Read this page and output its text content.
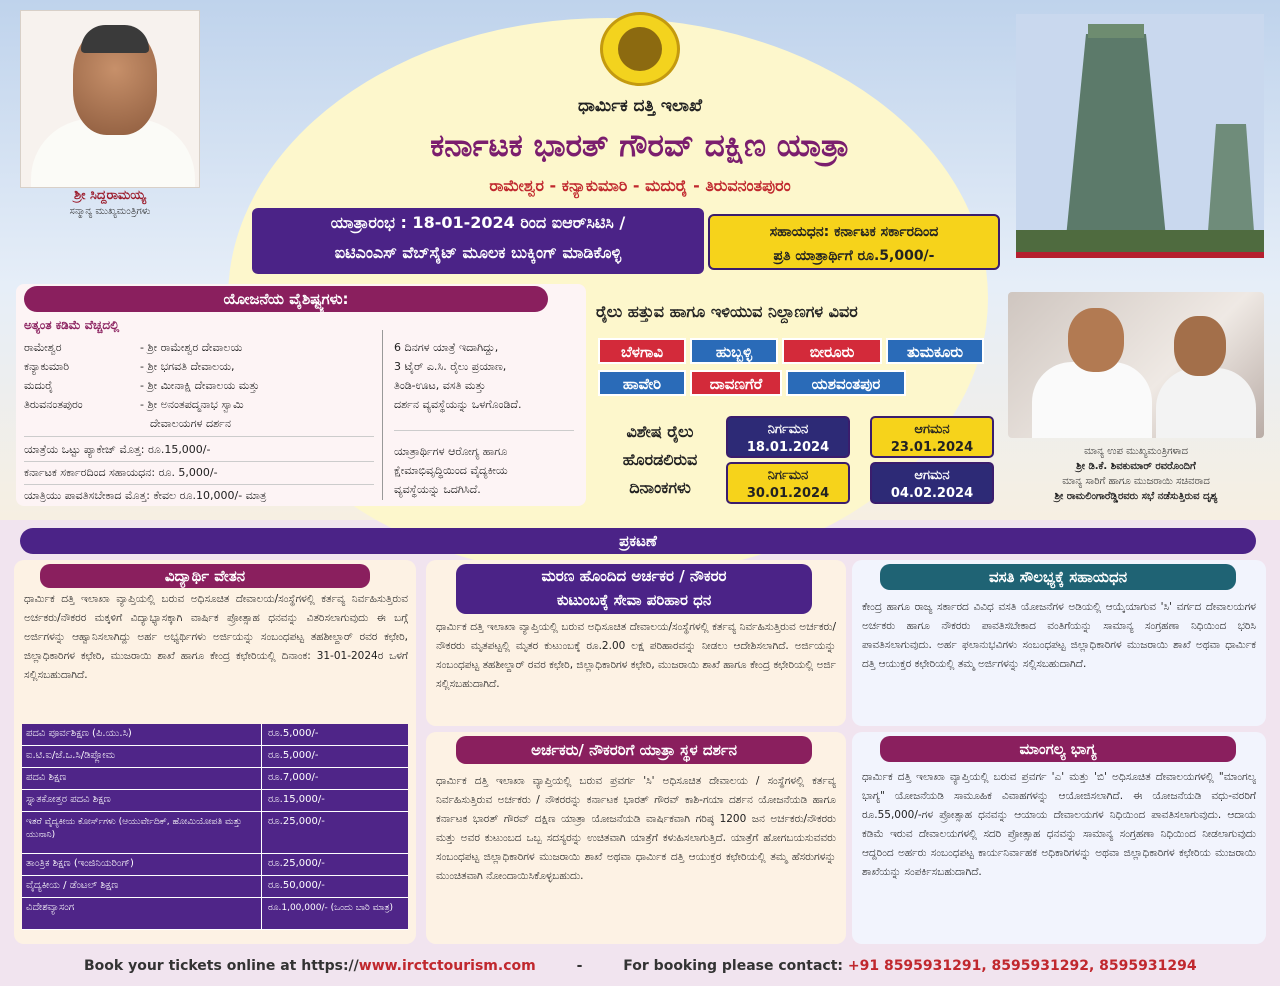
ಶ್ರೀ ಸಿದ್ದರಾಮಯ್ಯ
ಸನ್ಮಾನ್ಯ ಮುಖ್ಯಮಂತ್ರಿಗಳು
ಧಾರ್ಮಿಕ ದತ್ತಿ ಇಲಾಖೆ
ಕರ್ನಾಟಕ ಭಾರತ್ ಗೌರವ್ ದಕ್ಷಿಣ ಯಾತ್ರಾ
ರಾಮೇಶ್ವರ - ಕನ್ಯಾಕುಮಾರಿ - ಮದುರೈ - ತಿರುವನಂತಪುರಂ
ಯಾತ್ರಾರಂಭ : 18-01-2024 ರಿಂದ ಐಆರ್‌ಸಿಟಿಸಿ /
ಐಟಿಎಂಎಸ್ ವೆಬ್‌ಸೈಟ್ ಮೂಲಕ ಬುಕ್ಕಿಂಗ್ ಮಾಡಿಕೊಳ್ಳಿ
ಸಹಾಯಧನ: ಕರ್ನಾಟಕ ಸರ್ಕಾರದಿಂದ
ಪ್ರತಿ ಯಾತ್ರಾರ್ಥಿಗೆ ರೂ.5,000/-
ಯೋಜನೆಯ ವೈಶಿಷ್ಟ್ಯಗಳು:
ಅತ್ಯಂತ ಕಡಿಮೆ ವೆಚ್ಚದಲ್ಲಿ
ರಾಮೇಶ್ವರ	- ಶ್ರೀ ರಾಮೇಶ್ವರ ದೇವಾಲಯ
ಕನ್ಯಾಕುಮಾರಿ	- ಶ್ರೀ ಭಗವತಿ ದೇವಾಲಯ,
ಮದುರೈ	- ಶ್ರೀ ಮೀನಾಕ್ಷಿ ದೇವಾಲಯ ಮತ್ತು
ತಿರುವನಂತಪುರಂ	- ಶ್ರೀ ಅನಂತಪದ್ಮನಾಭ ಸ್ವಾಮಿ
ದೇವಾಲಯಗಳ ದರ್ಶನ
ಯಾತ್ರೆಯ ಒಟ್ಟು ಪ್ಯಾಕೇಜ್ ಮೊತ್ತ: ರೂ.15,000/-
ಕರ್ನಾಟಕ ಸರ್ಕಾರದಿಂದ ಸಹಾಯಧನ: ರೂ. 5,000/-
ಯಾತ್ರಿಯು ಪಾವತಿಸಬೇಕಾದ ಮೊತ್ತ: ಕೇವಲ ರೂ.10,000/- ಮಾತ್ರ
6 ದಿನಗಳ ಯಾತ್ರೆ ಇದಾಗಿದ್ದು,
3 ಟೈರ್ ಎ.ಸಿ. ರೈಲು ಪ್ರಯಾಣ,
ತಿಂಡಿ-ಊಟ, ವಸತಿ ಮತ್ತು
ದರ್ಶನ ವ್ಯವಸ್ಥೆಯನ್ನು ಒಳಗೊಂಡಿದೆ.
ಯಾತ್ರಾರ್ಥಿಗಳ ಆರೋಗ್ಯ ಹಾಗೂ
ಕ್ಷೇಮಾಭಿವೃದ್ಧಿಯಿಂದ ವೈದ್ಯಕೀಯ
ವ್ಯವಸ್ಥೆಯನ್ನು ಒದಗಿಸಿದೆ.
ರೈಲು ಹತ್ತುವ ಹಾಗೂ ಇಳಿಯುವ ನಿಲ್ದಾಣಗಳ ವಿವರ
ಬೆಳಗಾವಿ	ಹುಬ್ಬಳ್ಳಿ	ಬೀರೂರು	ತುಮಕೂರು
ಹಾವೇರಿ	ದಾವಣಗೆರೆ	ಯಶವಂತಪುರ
ವಿಶೇಷ ರೈಲು
ಹೊರಡಲಿರುವ
ದಿನಾಂಕಗಳು
ನಿರ್ಗಮನ
18.01.2024
ಆಗಮನ
23.01.2024
ನಿರ್ಗಮನ
30.01.2024
ಆಗಮನ
04.02.2024
ಮಾನ್ಯ ಉಪ ಮುಖ್ಯಮಂತ್ರಿಗಳಾದ
ಶ್ರೀ ಡಿ.ಕೆ. ಶಿವಕುಮಾರ್ ರವರೊಂದಿಗೆ
ಮಾನ್ಯ ಸಾರಿಗೆ ಹಾಗೂ ಮುಜರಾಯಿ ಸಚಿವರಾದ
ಶ್ರೀ ರಾಮಲಿಂಗಾರೆಡ್ಡಿರವರು ಸಭೆ ನಡೆಸುತ್ತಿರುವ ದೃಶ್ಯ
ಪ್ರಕಟಣೆ
ವಿದ್ಯಾರ್ಥಿ ವೇತನ
ಧಾರ್ಮಿಕ ದತ್ತಿ ಇಲಾಖಾ ವ್ಯಾಪ್ತಿಯಲ್ಲಿ ಬರುವ ಅಧಿಸೂಚಿತ ದೇವಾಲಯ/ಸಂಸ್ಥೆಗಳಲ್ಲಿ ಕರ್ತವ್ಯ ನಿರ್ವಹಿಸುತ್ತಿರುವ ಅರ್ಚಕರು/ನೌಕರರ ಮಕ್ಕಳಿಗೆ ವಿದ್ಯಾಭ್ಯಾಸಕ್ಕಾಗಿ ವಾರ್ಷಿಕ ಪ್ರೋತ್ಸಾಹ ಧನವನ್ನು ವಿತರಿಸಲಾಗುವುದು ಈ ಬಗ್ಗೆ ಅರ್ಜಿಗಳನ್ನು ಆಹ್ವಾನಿಸಲಾಗಿದ್ದು ಅರ್ಹ ಅಭ್ಯರ್ಥಿಗಳು ಅರ್ಜಿಯನ್ನು ಸಂಬಂಧಪಟ್ಟ ತಹಶೀಲ್ದಾರ್ ರವರ ಕಛೇರಿ, ಜಿಲ್ಲಾಧಿಕಾರಿಗಳ ಕಛೇರಿ, ಮುಜರಾಯಿ ಶಾಖೆ ಹಾಗೂ ಕೇಂದ್ರ ಕಛೇರಿಯಲ್ಲಿ ದಿನಾಂಕ: 31-01-2024ರ ಒಳಗೆ ಸಲ್ಲಿಸಬಹುದಾಗಿದೆ.
ಪದವಿ ಪೂರ್ವಶಿಕ್ಷಣ (ಪಿ.ಯು.ಸಿ)	ರೂ.5,000/-
ಐ.ಟಿ.ಐ/ಜೆ.ಒ.ಸಿ/ಡಿಪ್ಲೋಮ	ರೂ.5,000/-
ಪದವಿ ಶಿಕ್ಷಣ	ರೂ.7,000/-
ಸ್ನಾತಕೋತ್ತರ ಪದವಿ ಶಿಕ್ಷಣ	ರೂ.15,000/-
ಇತರೆ ವೈದ್ಯಕೀಯ ಕೋರ್ಸ್‌ಗಳು (ಆಯುರ್ವೇದಿಕ್, ಹೋಮಿಯೋಪತಿ ಮತ್ತು ಯುನಾನಿ)
ರೂ.25,000/-
ತಾಂತ್ರಿಕ ಶಿಕ್ಷಣ (ಇಂಜಿನಿಯರಿಂಗ್)	ರೂ.25,000/-
ವೈದ್ಯಕೀಯ / ಡೆಂಟಲ್ ಶಿಕ್ಷಣ	ರೂ.50,000/-
ವಿದೇಶವ್ಯಾಸಂಗ	ರೂ.1,00,000/- (ಒಂದು ಬಾರಿ ಮಾತ್ರ)
ಮರಣ ಹೊಂದಿದ ಅರ್ಚಕರ / ನೌಕರರ
ಕುಟುಂಬಕ್ಕೆ ಸೇವಾ ಪರಿಹಾರ ಧನ
ಧಾರ್ಮಿಕ ದತ್ತಿ ಇಲಾಖಾ ವ್ಯಾಪ್ತಿಯಲ್ಲಿ ಬರುವ ಅಧಿಸೂಚಿತ ದೇವಾಲಯ/ಸಂಸ್ಥೆಗಳಲ್ಲಿ ಕರ್ತವ್ಯ ನಿರ್ವಹಿಸುತ್ತಿರುವ ಅರ್ಚಕರು/ನೌಕರರು ಮೃತಪಟ್ಟಲ್ಲಿ ಮೃತರ ಕುಟುಂಬಕ್ಕೆ ರೂ.2.00 ಲಕ್ಷ ಪರಿಹಾರವನ್ನು ನೀಡಲು ಆದೇಶಿಸಲಾಗಿದೆ. ಅರ್ಜಿಯನ್ನು ಸಂಬಂಧಪಟ್ಟ ತಹಶೀಲ್ದಾರ್ ರವರ ಕಛೇರಿ, ಜಿಲ್ಲಾಧಿಕಾರಿಗಳ ಕಛೇರಿ, ಮುಜರಾಯಿ ಶಾಖೆ ಹಾಗೂ ಕೇಂದ್ರ ಕಛೇರಿಯಲ್ಲಿ ಅರ್ಜಿ ಸಲ್ಲಿಸಬಹುದಾಗಿದೆ.
ಅರ್ಚಕರು/ ನೌಕರರಿಗೆ ಯಾತ್ರಾ ಸ್ಥಳ ದರ್ಶನ
ಧಾರ್ಮಿಕ ದತ್ತಿ ಇಲಾಖಾ ವ್ಯಾಪ್ತಿಯಲ್ಲಿ ಬರುವ ಪ್ರವರ್ಗ 'ಸಿ' ಅಧಿಸೂಚಿತ ದೇವಾಲಯ / ಸಂಸ್ಥೆಗಳಲ್ಲಿ ಕರ್ತವ್ಯ ನಿರ್ವಹಿಸುತ್ತಿರುವ ಅರ್ಚಕರು / ನೌಕರರನ್ನು ಕರ್ನಾಟಕ ಭಾರತ್ ಗೌರವ್ ಕಾಶಿ-ಗಯಾ ದರ್ಶನ ಯೋಜನೆಯಡಿ ಹಾಗೂ ಕರ್ನಾಟಕ ಭಾರತ್ ಗೌರವ್ ದಕ್ಷಿಣ ಯಾತ್ರಾ ಯೋಜನೆಯಡಿ ವಾರ್ಷಿಕವಾಗಿ ಗರಿಷ್ಠ 1200 ಜನ ಅರ್ಚಕರು/ನೌಕರರು ಮತ್ತು ಅವರ ಕುಟುಂಬದ ಒಬ್ಬ ಸದಸ್ಯರನ್ನು ಉಚಿತವಾಗಿ ಯಾತ್ರೆಗೆ ಕಳುಹಿಸಲಾಗುತ್ತಿದೆ. ಯಾತ್ರೆಗೆ ಹೋಗಬಯಸುವವರು ಸಂಬಂಧಪಟ್ಟ ಜಿಲ್ಲಾಧಿಕಾರಿಗಳ ಮುಜರಾಯಿ ಶಾಖೆ ಅಥವಾ ಧಾರ್ಮಿಕ ದತ್ತಿ ಆಯುಕ್ತರ ಕಛೇರಿಯಲ್ಲಿ ತಮ್ಮ ಹೆಸರುಗಳನ್ನು ಮುಂಚಿತವಾಗಿ ನೋಂದಾಯಿಸಿಕೊಳ್ಳಬಹುದು.
ವಸತಿ ಸೌಲಭ್ಯಕ್ಕೆ ಸಹಾಯಧನ
ಕೇಂದ್ರ ಹಾಗೂ ರಾಜ್ಯ ಸರ್ಕಾರದ ವಿವಿಧ ವಸತಿ ಯೋಜನೆಗಳ ಅಡಿಯಲ್ಲಿ ಆಯ್ಕೆಯಾಗುವ 'ಸಿ' ವರ್ಗದ ದೇವಾಲಯಗಳ ಅರ್ಚಕರು ಹಾಗೂ ನೌಕರರು ಪಾವತಿಸಬೇಕಾದ ವಂತಿಗೆಯನ್ನು ಸಾಮಾನ್ಯ ಸಂಗ್ರಹಣಾ ನಿಧಿಯಿಂದ ಭರಿಸಿ ಪಾವತಿಸಲಾಗುವುದು. ಅರ್ಹ ಫಲಾನುಭವಿಗಳು ಸಂಬಂಧಪಟ್ಟ ಜಿಲ್ಲಾಧಿಕಾರಿಗಳ ಮುಜರಾಯಿ ಶಾಖೆ ಅಥವಾ ಧಾರ್ಮಿಕ ದತ್ತಿ ಆಯುಕ್ತರ ಕಛೇರಿಯಲ್ಲಿ ತಮ್ಮ ಅರ್ಜಿಗಳನ್ನು ಸಲ್ಲಿಸಬಹುದಾಗಿದೆ.
ಮಾಂಗಲ್ಯ ಭಾಗ್ಯ
ಧಾರ್ಮಿಕ ದತ್ತಿ ಇಲಾಖಾ ವ್ಯಾಪ್ತಿಯಲ್ಲಿ ಬರುವ ಪ್ರವರ್ಗ 'ಎ' ಮತ್ತು 'ಬಿ' ಅಧಿಸೂಚಿತ ದೇವಾಲಯಗಳಲ್ಲಿ "ಮಾಂಗಲ್ಯ ಭಾಗ್ಯ" ಯೋಜನೆಯಡಿ ಸಾಮೂಹಿಕ ವಿವಾಹಗಳನ್ನು ಆಯೋಜಿಸಲಾಗಿದೆ. ಈ ಯೋಜನೆಯಡಿ ವಧು-ವರರಿಗೆ ರೂ.55,000/-ಗಳ ಪ್ರೋತ್ಸಾಹ ಧನವನ್ನು ಆಯಾಯ ದೇವಾಲಯಗಳ ನಿಧಿಯಿಂದ ಪಾವತಿಸಲಾಗುವುದು. ಆದಾಯ ಕಡಿಮೆ ಇರುವ ದೇವಾಲಯಗಳಲ್ಲಿ ಸದರಿ ಪ್ರೋತ್ಸಾಹ ಧನವನ್ನು ಸಾಮಾನ್ಯ ಸಂಗ್ರಹಣಾ ನಿಧಿಯಿಂದ ನೀಡಲಾಗುವುದು ಆದ್ದರಿಂದ ಅರ್ಹರು ಸಂಬಂಧಪಟ್ಟ ಕಾರ್ಯನಿರ್ವಾಹಕ ಅಧಿಕಾರಿಗಳನ್ನು ಅಥವಾ ಜಿಲ್ಲಾಧಿಕಾರಿಗಳ ಕಛೇರಿಯ ಮುಜರಾಯಿ ಶಾಖೆಯನ್ನು ಸಂಪರ್ಕಿಸಬಹುದಾಗಿದೆ.
Book your tickets online at https://www.irctctourism.com	-	For booking please contact: +91 8595931291, 8595931292, 8595931294
